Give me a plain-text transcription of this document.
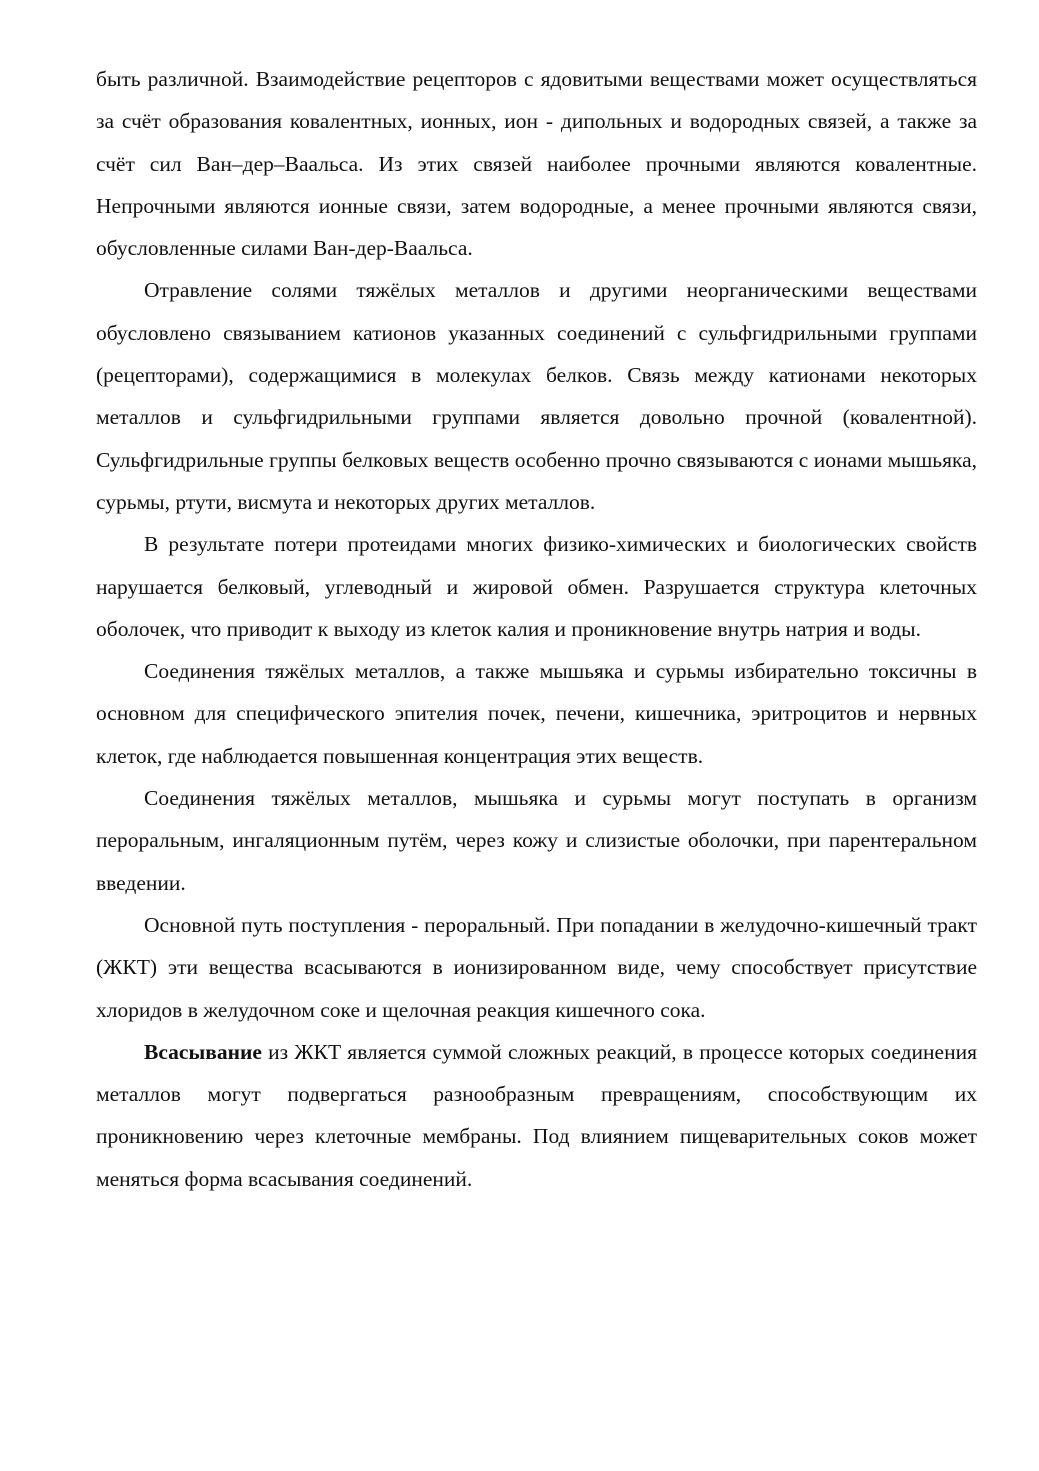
быть различной. Взаимодействие рецепторов с ядовитыми веществами может осуществляться за счёт образования ковалентных, ионных, ион - дипольных и водородных связей, а также за счёт сил Ван–дер–Ваальса. Из этих связей наиболее прочными являются ковалентные. Непрочными являются ионные связи, затем водородные, а менее прочными являются связи, обусловленные силами Ван-дер-Ваальса.

Отравление солями тяжёлых металлов и другими неорганическими веществами обусловлено связыванием катионов указанных соединений с сульфгидрильными группами (рецепторами), содержащимися в молекулах белков. Связь между катионами некоторых металлов и сульфгидрильными группами является довольно прочной (ковалентной). Сульфгидрильные группы белковых веществ особенно прочно связываются с ионами мышьяка, сурьмы, ртути, висмута и некоторых других металлов.

В результате потери протеидами многих физико-химических и биологических свойств нарушается белковый, углеводный и жировой обмен. Разрушается структура клеточных оболочек, что приводит к выходу из клеток калия и проникновение внутрь натрия и воды.

Соединения тяжёлых металлов, а также мышьяка и сурьмы избирательно токсичны в основном для специфического эпителия почек, печени, кишечника, эритроцитов и нервных клеток, где наблюдается повышенная концентрация этих веществ.

Соединения тяжёлых металлов, мышьяка и сурьмы могут поступать в организм пероральным, ингаляционным путём, через кожу и слизистые оболочки, при парентеральном введении.

Основной путь поступления - пероральный. При попадании в желудочно-кишечный тракт (ЖКТ) эти вещества всасываются в ионизированном виде, чему способствует присутствие хлоридов в желудочном соке и щелочная реакция кишечного сока.

Всасывание из ЖКТ является суммой сложных реакций, в процессе которых соединения металлов могут подвергаться разнообразным превращениям, способствующим их проникновению через клеточные мембраны. Под влиянием пищеварительных соков может меняться форма всасывания соединений.
